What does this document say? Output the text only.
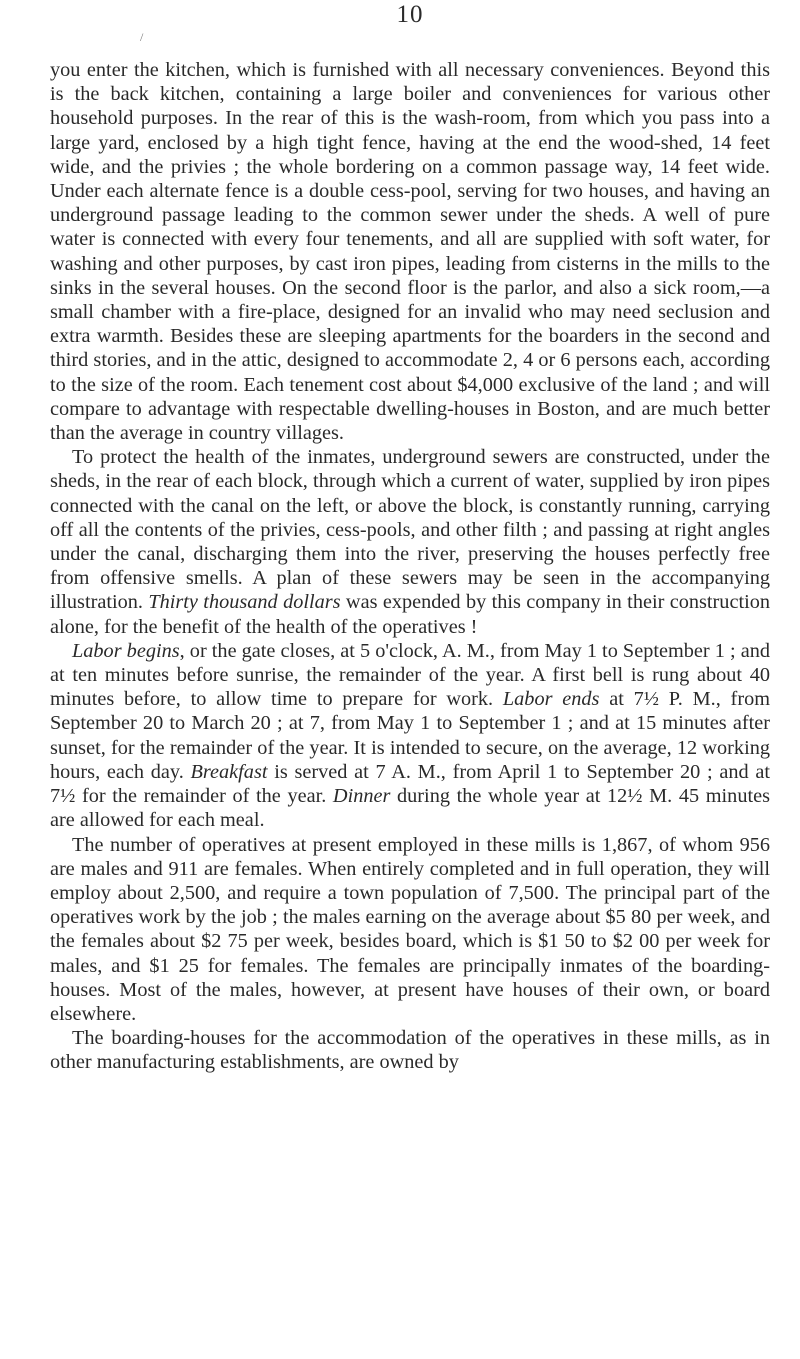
10
/

you enter the kitchen, which is furnished with all necessary conveniences. Beyond this is the back kitchen, containing a large boiler and conveniences for various other household purposes. In the rear of this is the wash-room, from which you pass into a large yard, enclosed by a high tight fence, having at the end the wood-shed, 14 feet wide, and the privies ; the whole bordering on a common passage way, 14 feet wide. Under each alternate fence is a double cess-pool, serving for two houses, and having an underground passage leading to the common sewer under the sheds. A well of pure water is connected with every four tenements, and all are supplied with soft water, for washing and other purposes, by cast iron pipes, leading from cisterns in the mills to the sinks in the several houses. On the second floor is the parlor, and also a sick room,—a small chamber with a fire-place, designed for an invalid who may need seclusion and extra warmth. Besides these are sleeping apartments for the boarders in the second and third stories, and in the attic, designed to accommodate 2, 4 or 6 persons each, according to the size of the room. Each tenement cost about $4,000 exclusive of the land ; and will compare to advantage with respectable dwelling-houses in Boston, and are much better than the average in country villages.

To protect the health of the inmates, underground sewers are constructed, under the sheds, in the rear of each block, through which a current of water, supplied by iron pipes connected with the canal on the left, or above the block, is constantly running, carrying off all the contents of the privies, cess-pools, and other filth ; and passing at right angles under the canal, discharging them into the river, preserving the houses perfectly free from offensive smells. A plan of these sewers may be seen in the accompanying illustration. Thirty thousand dollars was expended by this company in their construction alone, for the benefit of the health of the operatives !

Labor begins, or the gate closes, at 5 o'clock, A. M., from May 1 to September 1 ; and at ten minutes before sunrise, the remainder of the year. A first bell is rung about 40 minutes before, to allow time to prepare for work. Labor ends at 7½ P. M., from September 20 to March 20 ; at 7, from May 1 to September 1 ; and at 15 minutes after sunset, for the remainder of the year. It is intended to secure, on the average, 12 working hours, each day. Breakfast is served at 7 A. M., from April 1 to September 20 ; and at 7½ for the remainder of the year. Dinner during the whole year at 12½ M. 45 minutes are allowed for each meal.

The number of operatives at present employed in these mills is 1,867, of whom 956 are males and 911 are females. When entirely completed and in full operation, they will employ about 2,500, and require a town population of 7,500. The principal part of the operatives work by the job ; the males earning on the average about $5 80 per week, and the females about $2 75 per week, besides board, which is $1 50 to $2 00 per week for males, and $1 25 for females. The females are principally inmates of the boarding-houses. Most of the males, however, at present have houses of their own, or board elsewhere.

The boarding-houses for the accommodation of the operatives in these mills, as in other manufacturing establishments, are owned by
